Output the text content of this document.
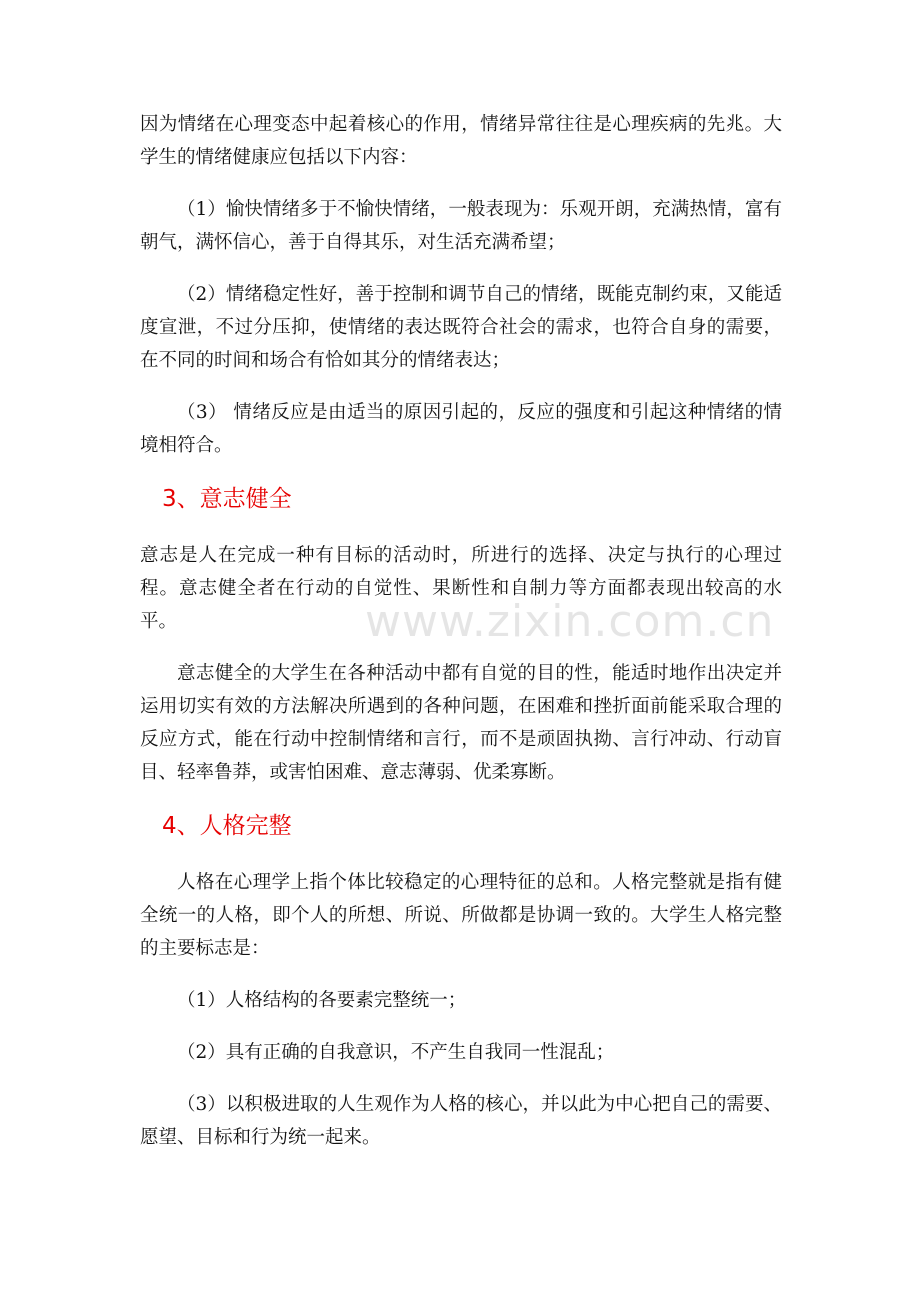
因为情绪在心理变态中起着核心的作用，情绪异常往往是心理疾病的先兆。大学生的情绪健康应包括以下内容：

（1）愉快情绪多于不愉快情绪，一般表现为：乐观开朗，充满热情，富有朝气，满怀信心，善于自得其乐，对生活充满希望；

（2）情绪稳定性好，善于控制和调节自己的情绪，既能克制约束，又能适度宣泄，不过分压抑，使情绪的表达既符合社会的需求，也符合自身的需要，在不同的时间和场合有恰如其分的情绪表达；

（3） 情绪反应是由适当的原因引起的，反应的强度和引起这种情绪的情境相符合。

3、意志健全

意志是人在完成一种有目标的活动时，所进行的选择、决定与执行的心理过程。意志健全者在行动的自觉性、果断性和自制力等方面都表现出较高的水平。

意志健全的大学生在各种活动中都有自觉的目的性，能适时地作出决定并运用切实有效的方法解决所遇到的各种问题，在困难和挫折面前能采取合理的反应方式，能在行动中控制情绪和言行，而不是顽固执拗、言行冲动、行动盲目、轻率鲁莽，或害怕困难、意志薄弱、优柔寡断。

4、人格完整

人格在心理学上指个体比较稳定的心理特征的总和。人格完整就是指有健全统一的人格，即个人的所想、所说、所做都是协调一致的。大学生人格完整的主要标志是：

（1）人格结构的各要素完整统一；

（2）具有正确的自我意识，不产生自我同一性混乱；

（3）以积极进取的人生观作为人格的核心，并以此为中心把自己的需要、愿望、目标和行为统一起来。

www.zixin.com.cn
